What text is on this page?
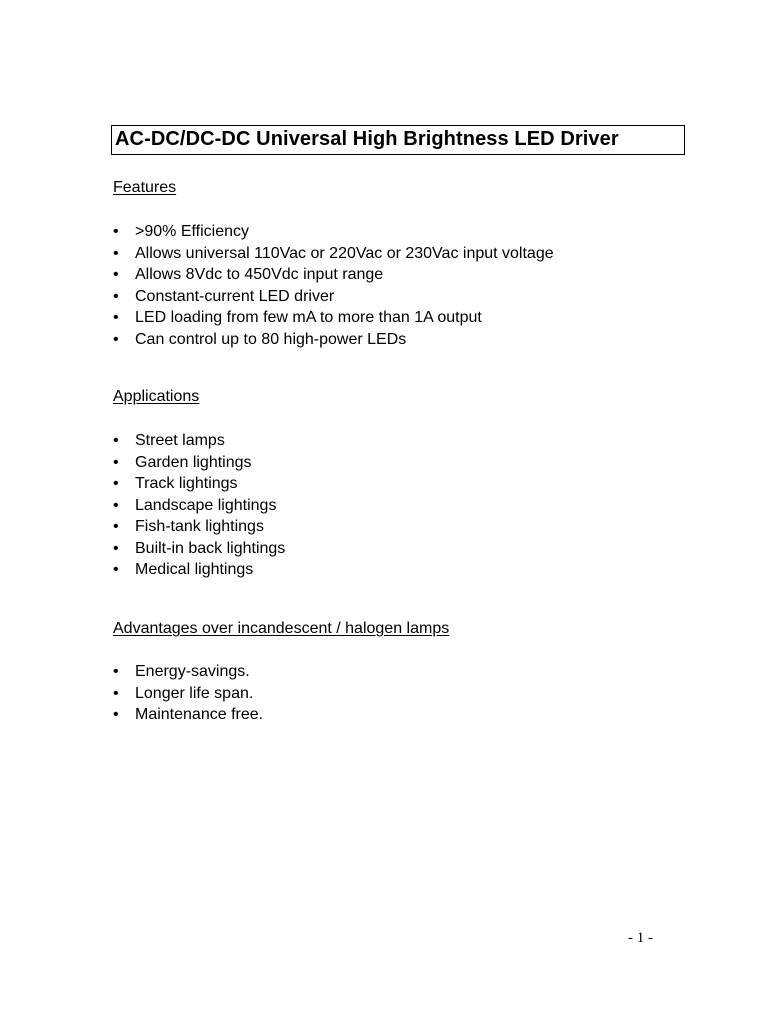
AC-DC/DC-DC Universal High Brightness LED Driver
Features
• >90% Efficiency
• Allows universal 110Vac or 220Vac or 230Vac input voltage
• Allows 8Vdc to 450Vdc input range
• Constant-current LED driver
• LED loading from few mA to more than 1A output
• Can control up to 80 high-power LEDs
Applications
• Street lamps
• Garden lightings
• Track lightings
• Landscape lightings
• Fish-tank lightings
• Built-in back lightings
• Medical lightings
Advantages over incandescent / halogen lamps
• Energy-savings.
• Longer life span.
• Maintenance free.
- 1 -
